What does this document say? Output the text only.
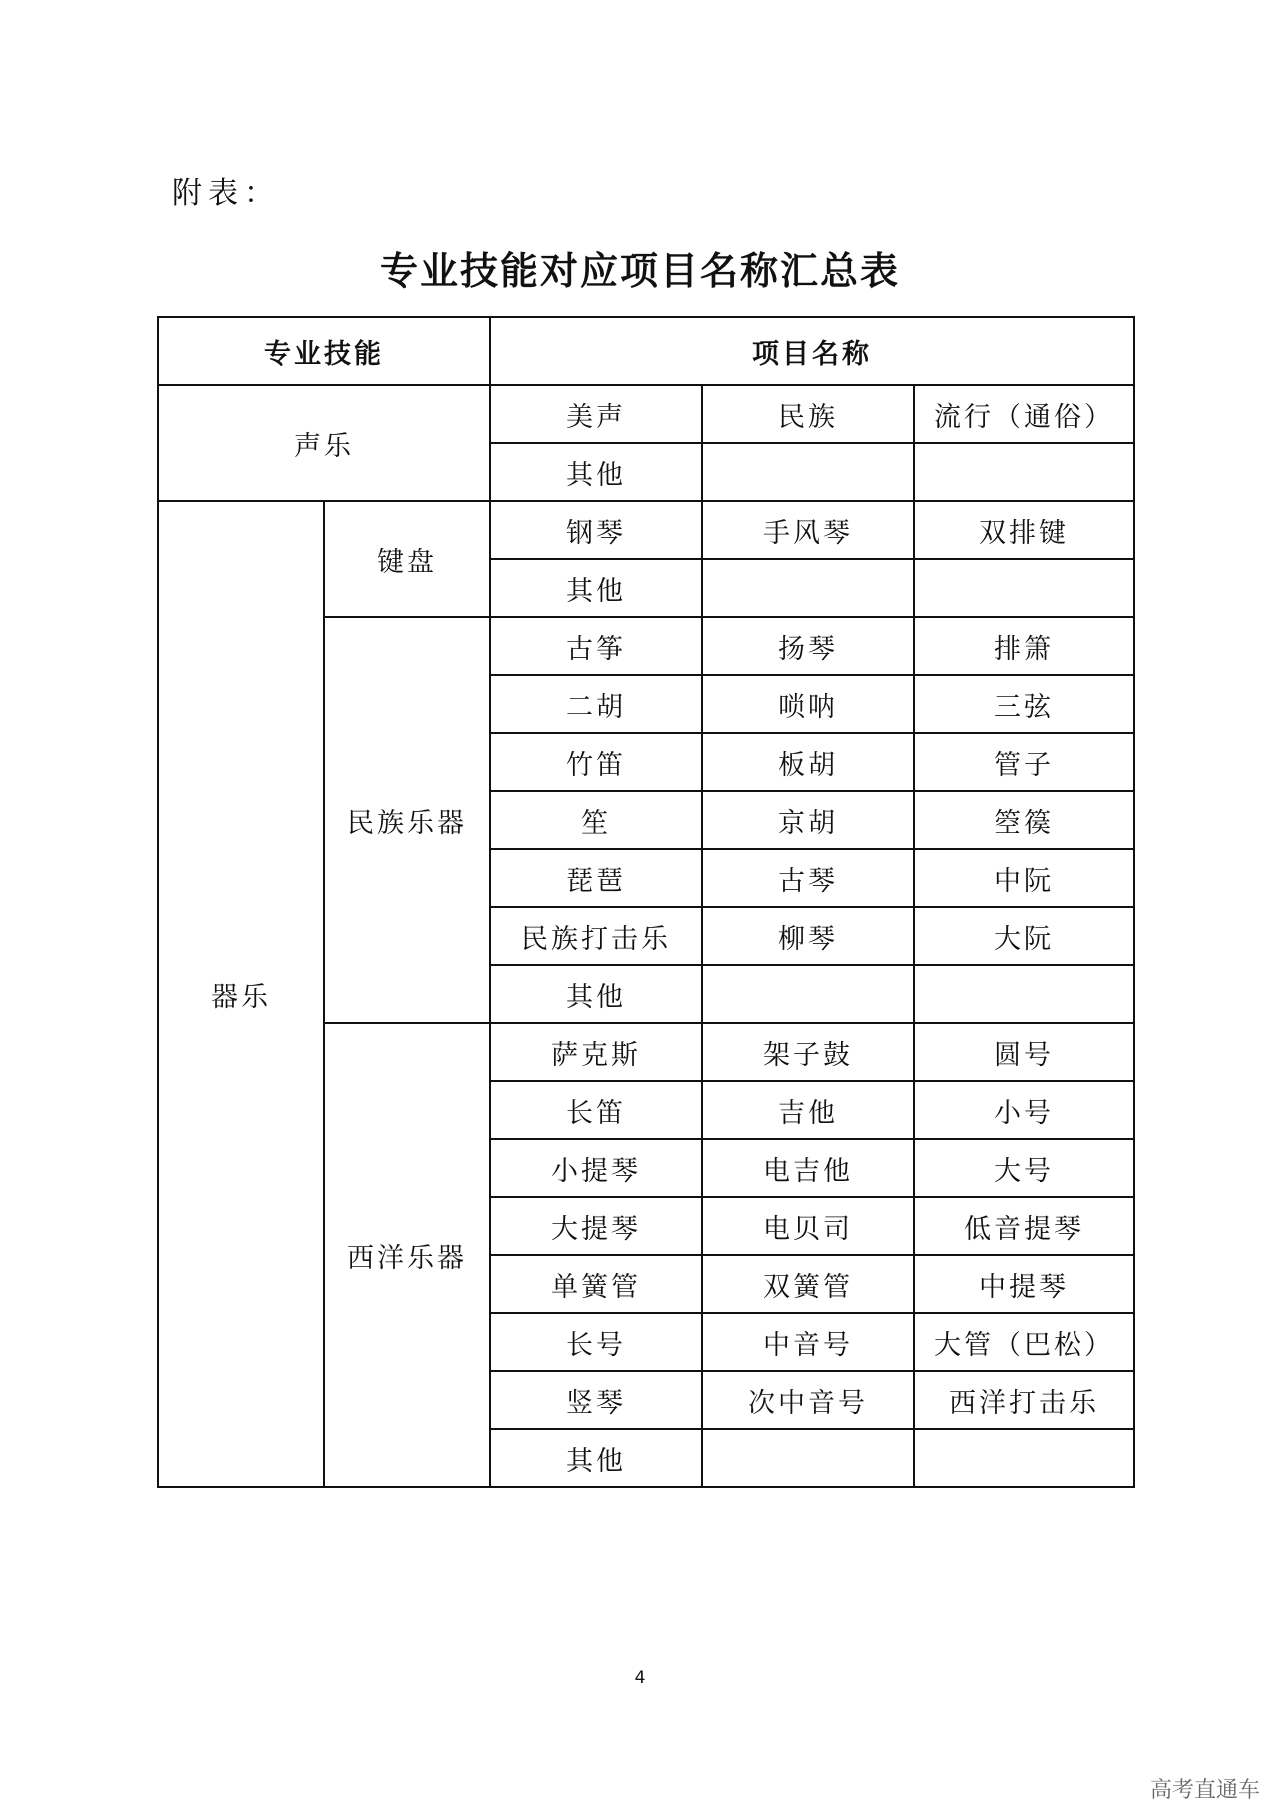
附表：
专业技能对应项目名称汇总表
专业技能		项目名称		
声乐		美声	民族	流行（通俗）
		其他		
器乐	键盘	钢琴	手风琴	双排键
		其他		
	民族乐器	古筝	扬琴	排箫
		二胡	唢呐	三弦
		竹笛	板胡	管子
		笙	京胡	箜篌
		琵琶	古琴	中阮
		民族打击乐	柳琴	大阮
		其他		
	西洋乐器	萨克斯	架子鼓	圆号
		长笛	吉他	小号
		小提琴	电吉他	大号
		大提琴	电贝司	低音提琴
		单簧管	双簧管	中提琴
		长号	中音号	大管（巴松）
		竖琴	次中音号	西洋打击乐
		其他		
4
高考直通车
